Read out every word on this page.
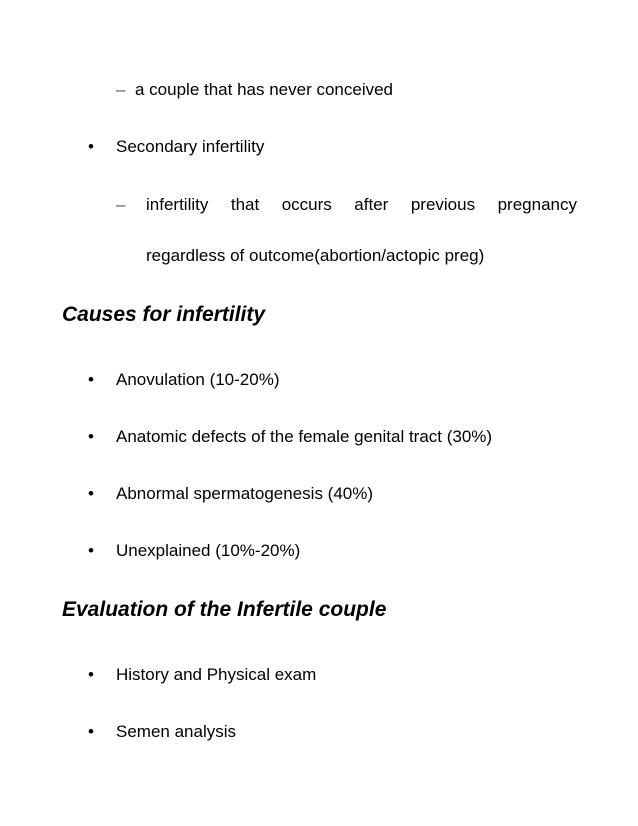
– a couple that has never conceived
• Secondary infertility
– infertility that occurs after previous pregnancy
regardless of outcome(abortion/actopic preg)
Causes for infertility
• Anovulation (10-20%)
• Anatomic defects of the female genital tract (30%)
• Abnormal spermatogenesis (40%)
• Unexplained (10%-20%)
Evaluation of the Infertile couple
• History and Physical exam
• Semen analysis
